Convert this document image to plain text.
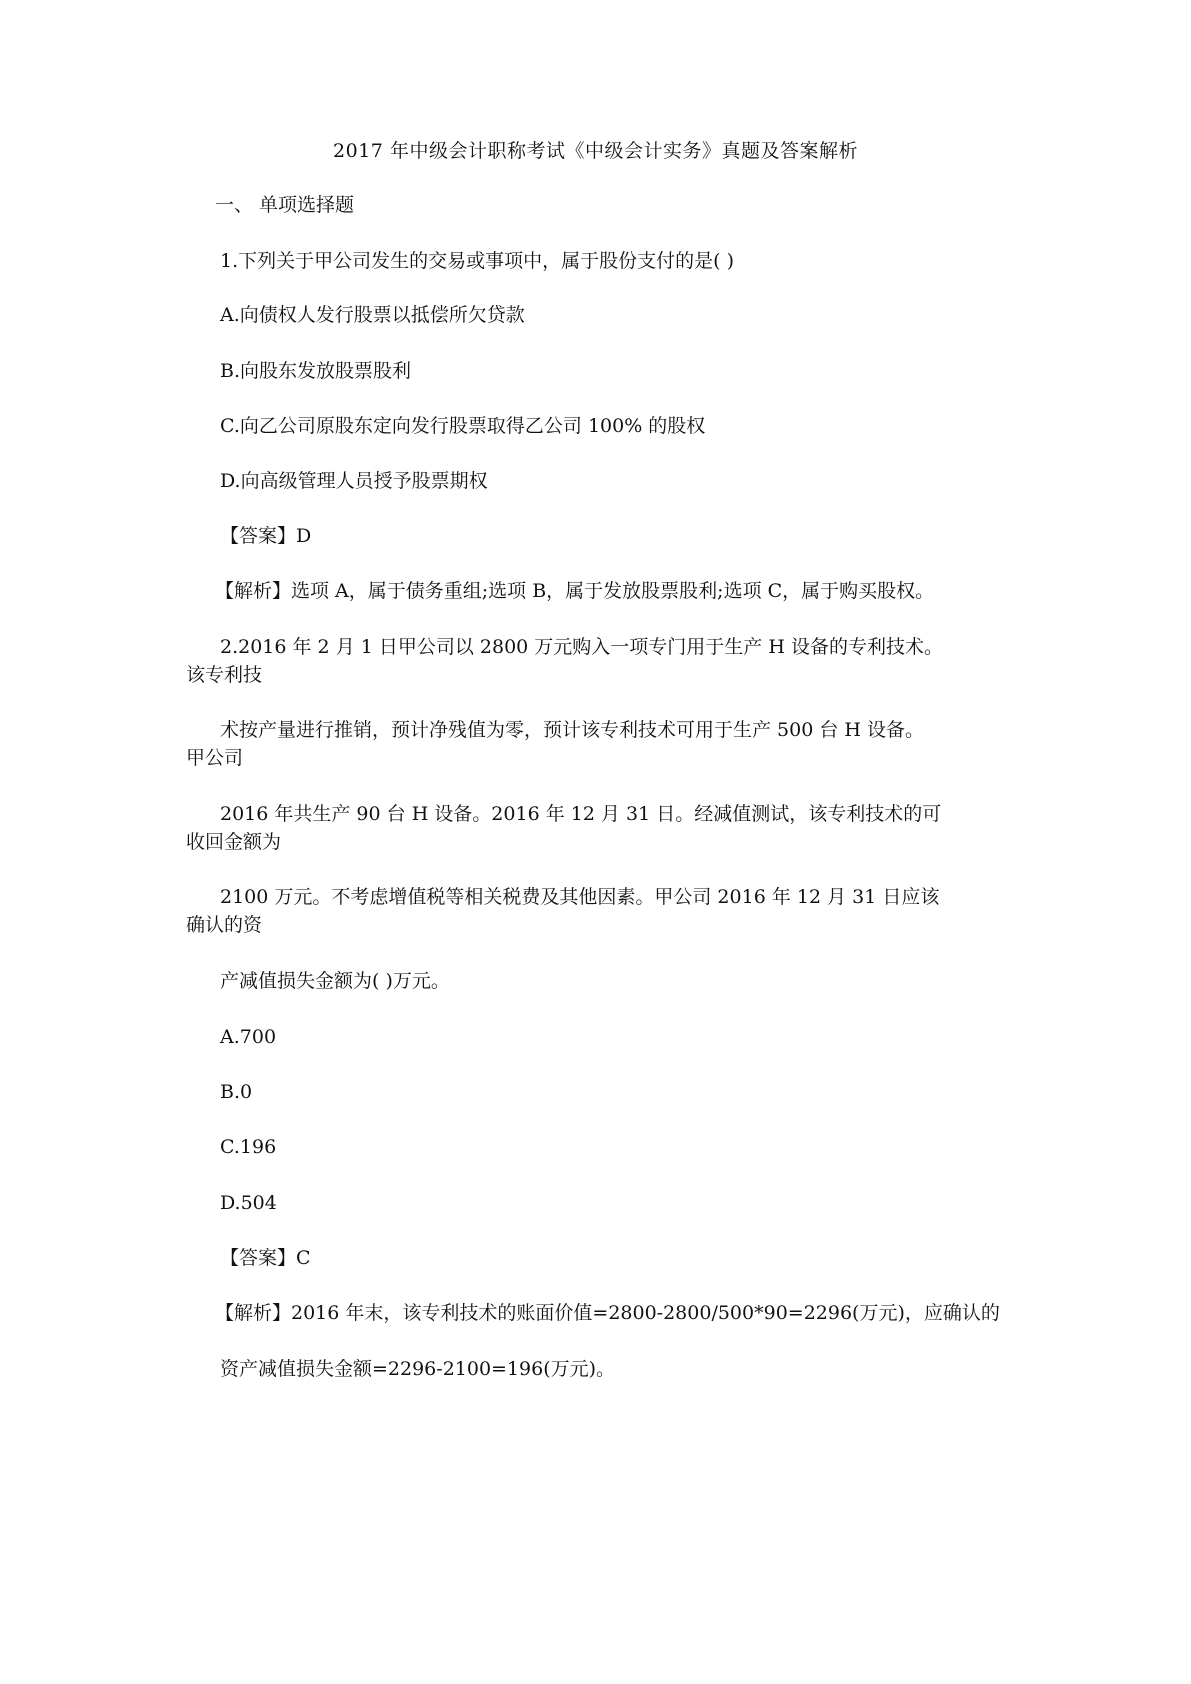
2017 年中级会计职称考试《中级会计实务》真题及答案解析
一、 单项选择题
1.下列关于甲公司发生的交易或事项中，属于股份支付的是( )
A.向债权人发行股票以抵偿所欠贷款
B.向股东发放股票股利
C.向乙公司原股东定向发行股票取得乙公司 100% 的股权
D.向高级管理人员授予股票期权
【答案】D
【解析】选项 A，属于债务重组;选项 B，属于发放股票股利;选项 C，属于购买股权。
2.2016 年 2 月 1 日甲公司以 2800 万元购入一项专门用于生产 H 设备的专利技术。
该专利技
术按产量进行推销，预计净残值为零，预计该专利技术可用于生产 500 台 H 设备。
甲公司
2016 年共生产 90 台 H 设备。2016 年 12 月 31 日。经减值测试，该专利技术的可
收回金额为
2100 万元。不考虑增值税等相关税费及其他因素。甲公司 2016 年 12 月 31 日应该
确认的资
产减值损失金额为( )万元。
A.700
B.0
C.196
D.504
【答案】C
【解析】2016 年末，该专利技术的账面价值=2800-2800/500*90=2296(万元)，应确认的
资产减值损失金额=2296-2100=196(万元)。
